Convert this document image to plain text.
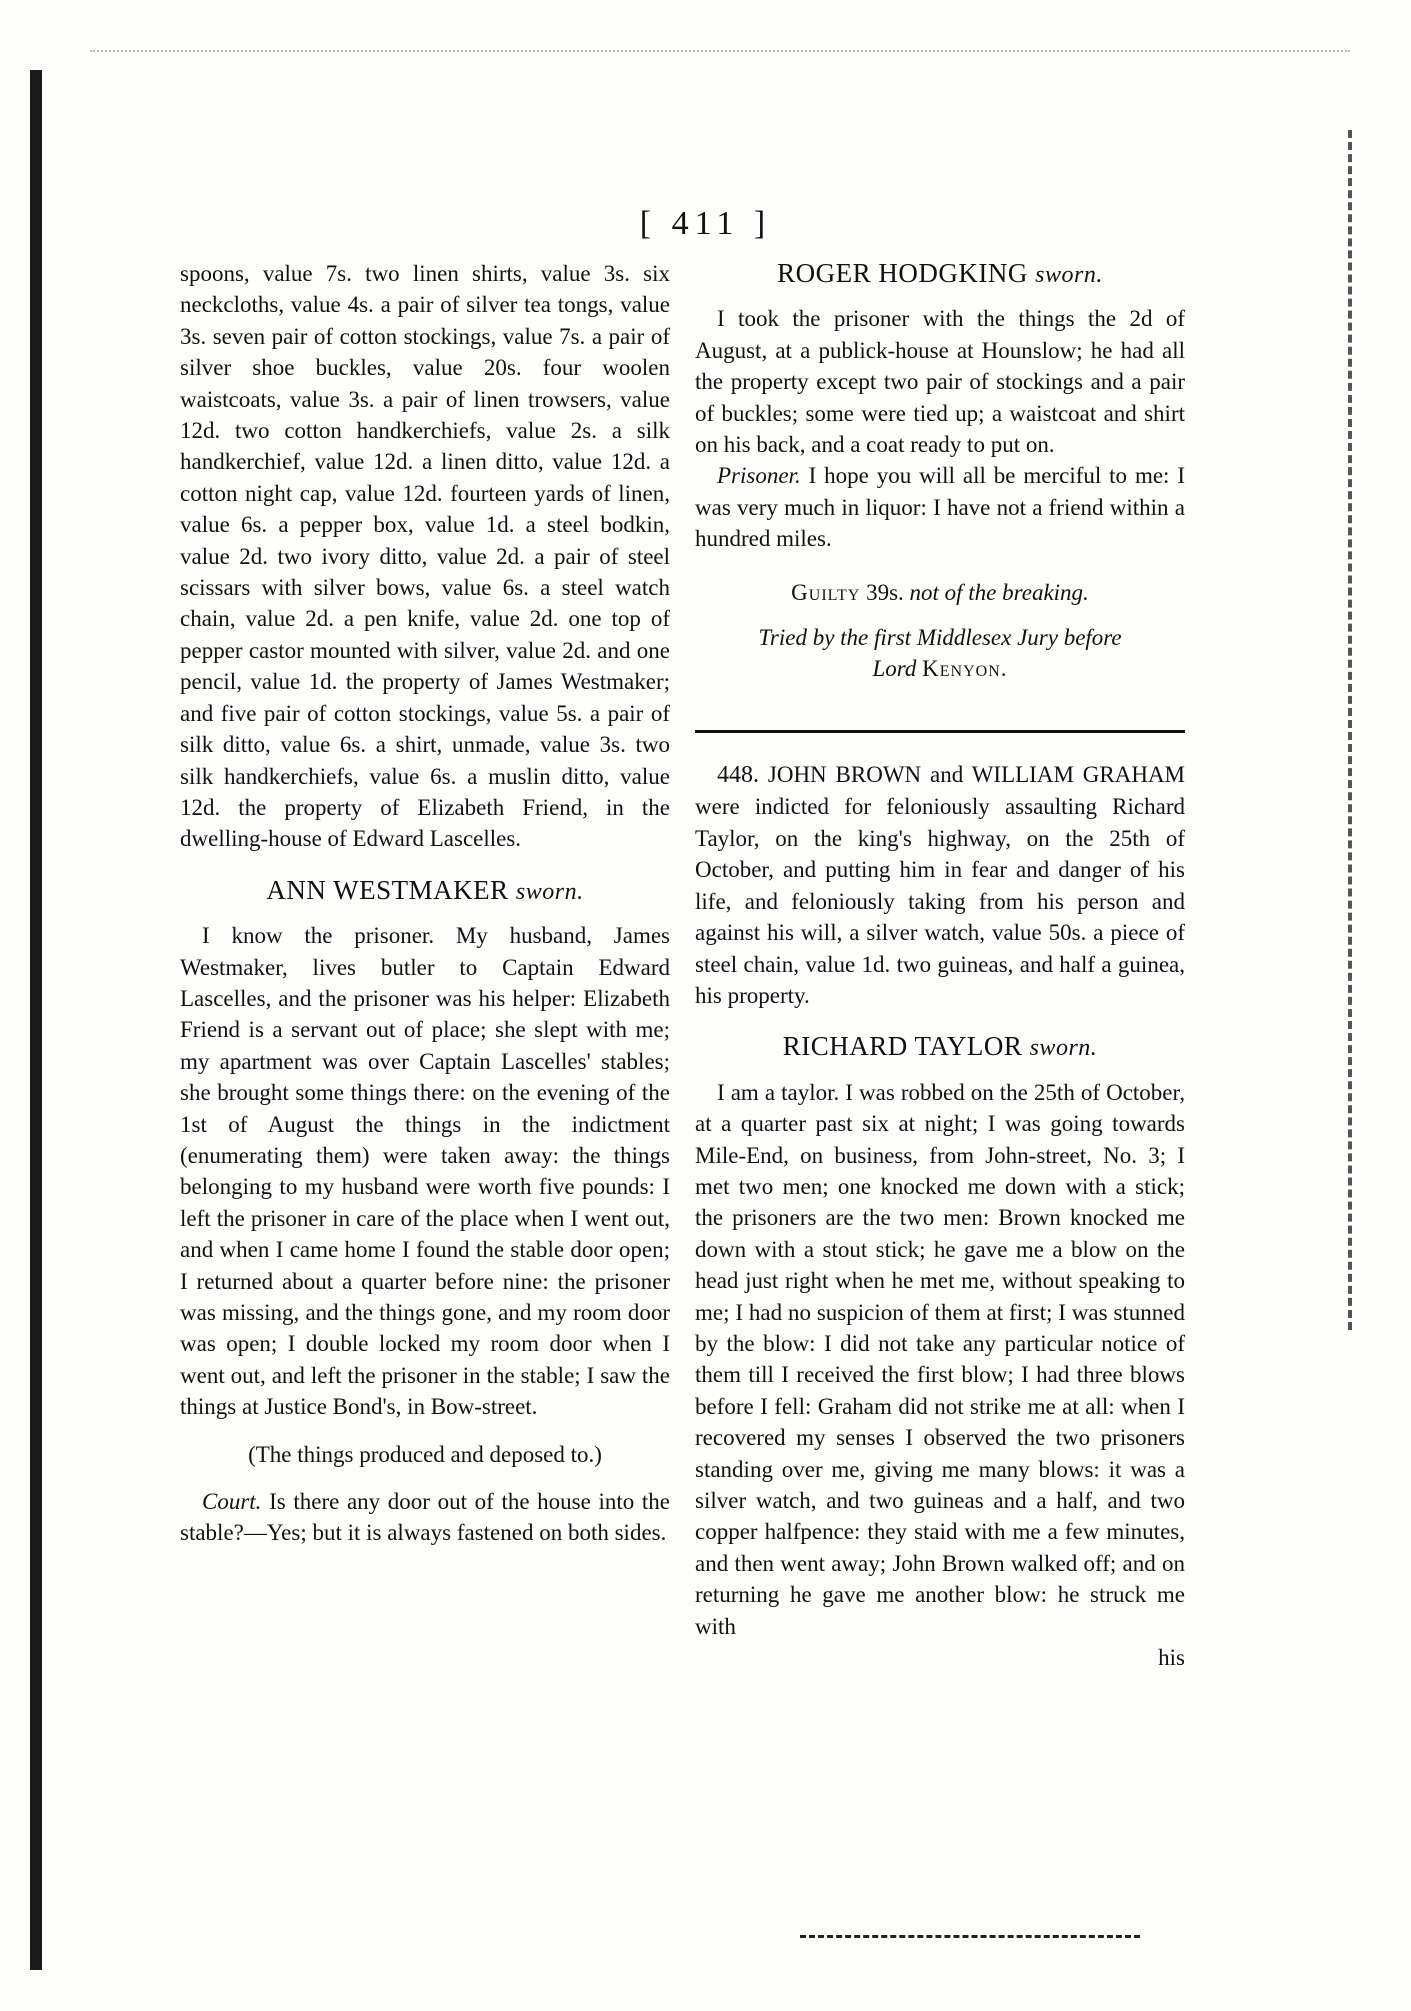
[ 411 ]

spoons, value 7s. two linen shirts, value 3s. six neckcloths, value 4s. a pair of silver tea tongs, value 3s. seven pair of cotton stockings, value 7s. a pair of silver shoe buckles, value 20s. four woolen waistcoats, value 3s. a pair of linen trowsers, value 12d. two cotton handkerchiefs, value 2s. a silk handkerchief, value 12d. a linen ditto, value 12d. a cotton night cap, value 12d. fourteen yards of linen, value 6s. a pepper box, value 1d. a steel bodkin, value 2d. two ivory ditto, value 2d. a pair of steel scissars with silver bows, value 6s. a steel watch chain, value 2d. a pen knife, value 2d. one top of pepper castor mounted with silver, value 2d. and one pencil, value 1d. the property of James Westmaker; and five pair of cotton stockings, value 5s. a pair of silk ditto, value 6s. a shirt, unmade, value 3s. two silk handkerchiefs, value 6s. a muslin ditto, value 12d. the property of Elizabeth Friend, in the dwelling-house of Edward Lascelles.

ANN WESTMAKER sworn.

I know the prisoner. My husband, James Westmaker, lives butler to Captain Edward Lascelles, and the prisoner was his helper: Elizabeth Friend is a servant out of place; she slept with me; my apartment was over Captain Lascelles' stables; she brought some things there: on the evening of the 1st of August the things in the indictment (enumerating them) were taken away: the things belonging to my husband were worth five pounds: I left the prisoner in care of the place when I went out, and when I came home I found the stable door open; I returned about a quarter before nine: the prisoner was missing, and the things gone, and my room door was open; I double locked my room door when I went out, and left the prisoner in the stable; I saw the things at Justice Bond's, in Bow-street.

(The things produced and deposed to.)

Court. Is there any door out of the house into the stable?—Yes; but it is always fastened on both sides.

ROGER HODGKING sworn.

I took the prisoner with the things the 2d of August, at a publick-house at Hounslow; he had all the property except two pair of stockings and a pair of buckles; some were tied up; a waistcoat and shirt on his back, and a coat ready to put on.

Prisoner. I hope you will all be merciful to me: I was very much in liquor: I have not a friend within a hundred miles.

Guilty 39s. not of the breaking.

Tried by the first Middlesex Jury before
Lord Kenyon.

448. JOHN BROWN and WILLIAM GRAHAM were indicted for feloniously assaulting Richard Taylor, on the king's highway, on the 25th of October, and putting him in fear and danger of his life, and feloniously taking from his person and against his will, a silver watch, value 50s. a piece of steel chain, value 1d. two guineas, and half a guinea, his property.

RICHARD TAYLOR sworn.

I am a taylor. I was robbed on the 25th of October, at a quarter past six at night; I was going towards Mile-End, on business, from John-street, No. 3; I met two men; one knocked me down with a stick; the prisoners are the two men: Brown knocked me down with a stout stick; he gave me a blow on the head just right when he met me, without speaking to me; I had no suspicion of them at first; I was stunned by the blow: I did not take any particular notice of them till I received the first blow; I had three blows before I fell: Graham did not strike me at all: when I recovered my senses I observed the two prisoners standing over me, giving me many blows: it was a silver watch, and two guineas and a half, and two copper halfpence: they staid with me a few minutes, and then went away; John Brown walked off; and on returning he gave me another blow: he struck me with

his
